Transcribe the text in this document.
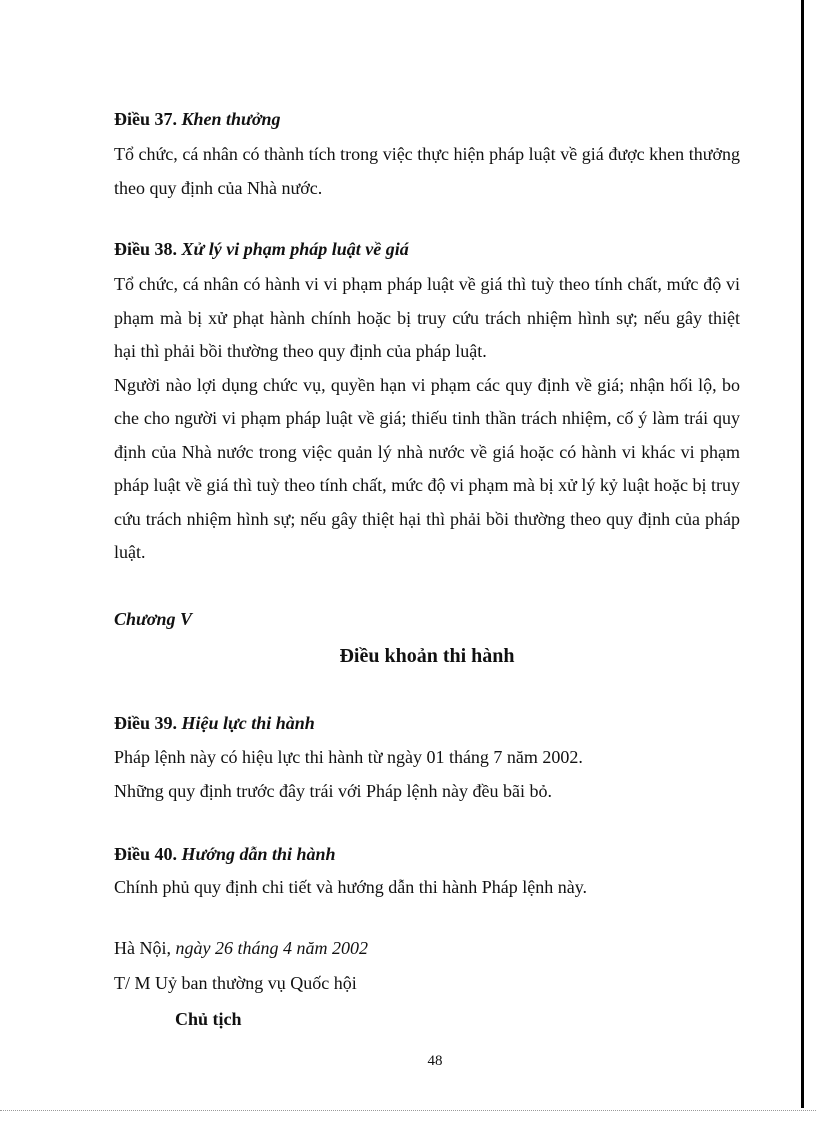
Điều 37. Khen thưởng

Tổ chức, cá nhân có thành tích trong việc thực hiện pháp luật về giá được khen thưởng theo quy định của Nhà nước.

Điều 38. Xử lý vi phạm pháp luật về giá

Tổ chức, cá nhân có hành vi vi phạm pháp luật về giá thì tuỳ theo tính chất, mức độ vi phạm mà bị xử phạt hành chính hoặc bị truy cứu trách nhiệm hình sự; nếu gây thiệt hại thì phải bồi thường theo quy định của pháp luật.

Người nào lợi dụng chức vụ, quyền hạn vi phạm các quy định về giá; nhận hối lộ, bo che cho người vi phạm pháp luật về giá; thiếu tinh thần trách nhiệm, cố ý làm trái quy định của Nhà nước trong việc quản lý nhà nước về giá hoặc có hành vi khác vi phạm pháp luật về giá thì tuỳ theo tính chất, mức độ vi phạm mà bị xử lý kỷ luật hoặc bị truy cứu trách nhiệm hình sự; nếu gây thiệt hại thì phải bồi thường theo quy định của pháp luật.

Chương V
Điều khoản thi hành
Điều 39. Hiệu lực thi hành
Pháp lệnh này có hiệu lực thi hành từ ngày 01 tháng 7 năm 2002.
Những quy định trước đây trái với Pháp lệnh này đều bãi bỏ.
Điều 40. Hướng dẫn thi hành
Chính phủ quy định chi tiết và hướng dẫn thi hành Pháp lệnh này.
Hà Nội, ngày 26 tháng 4 năm 2002
T/ M Uỷ ban thường vụ Quốc hội
Chủ tịch
48
